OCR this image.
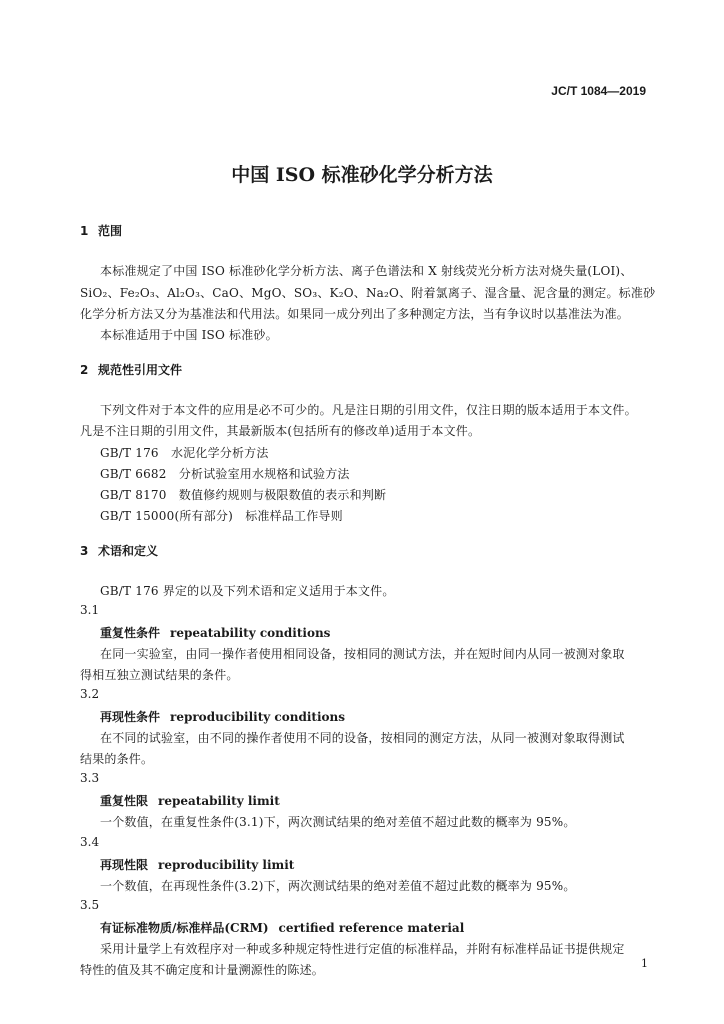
JC/T 1084—2019
中国 ISO 标准砂化学分析方法
1 范围
本标准规定了中国 ISO 标准砂化学分析方法、离子色谱法和 X 射线荧光分析方法对烧失量(LOI)、
SiO₂、Fe₂O₃、Al₂O₃、CaO、MgO、SO₃、K₂O、Na₂O、附着氯离子、湿含量、泥含量的测定。标准砂
化学分析方法又分为基准法和代用法。如果同一成分列出了多种测定方法，当有争议时以基准法为准。
本标准适用于中国 ISO 标准砂。
2 规范性引用文件
下列文件对于本文件的应用是必不可少的。凡是注日期的引用文件，仅注日期的版本适用于本文件。
凡是不注日期的引用文件，其最新版本(包括所有的修改单)适用于本文件。
GB/T 176　水泥化学分析方法
GB/T 6682　分析试验室用水规格和试验方法
GB/T 8170　数值修约规则与极限数值的表示和判断
GB/T 15000(所有部分)　标准样品工作导则
3 术语和定义
GB/T 176 界定的以及下列术语和定义适用于本文件。
3.1
重复性条件 repeatability conditions
在同一实验室，由同一操作者使用相同设备，按相同的测试方法，并在短时间内从同一被测对象取
得相互独立测试结果的条件。
3.2
再现性条件 reproducibility conditions
在不同的试验室，由不同的操作者使用不同的设备，按相同的测定方法，从同一被测对象取得测试
结果的条件。
3.3
重复性限 repeatability limit
一个数值，在重复性条件(3.1)下，两次测试结果的绝对差值不超过此数的概率为 95%。
3.4
再现性限 reproducibility limit
一个数值，在再现性条件(3.2)下，两次测试结果的绝对差值不超过此数的概率为 95%。
3.5
有证标准物质/标准样品(CRM) certified reference material
采用计量学上有效程序对一种或多种规定特性进行定值的标准样品，并附有标准样品证书提供规定
特性的值及其不确定度和计量溯源性的陈述。	1
